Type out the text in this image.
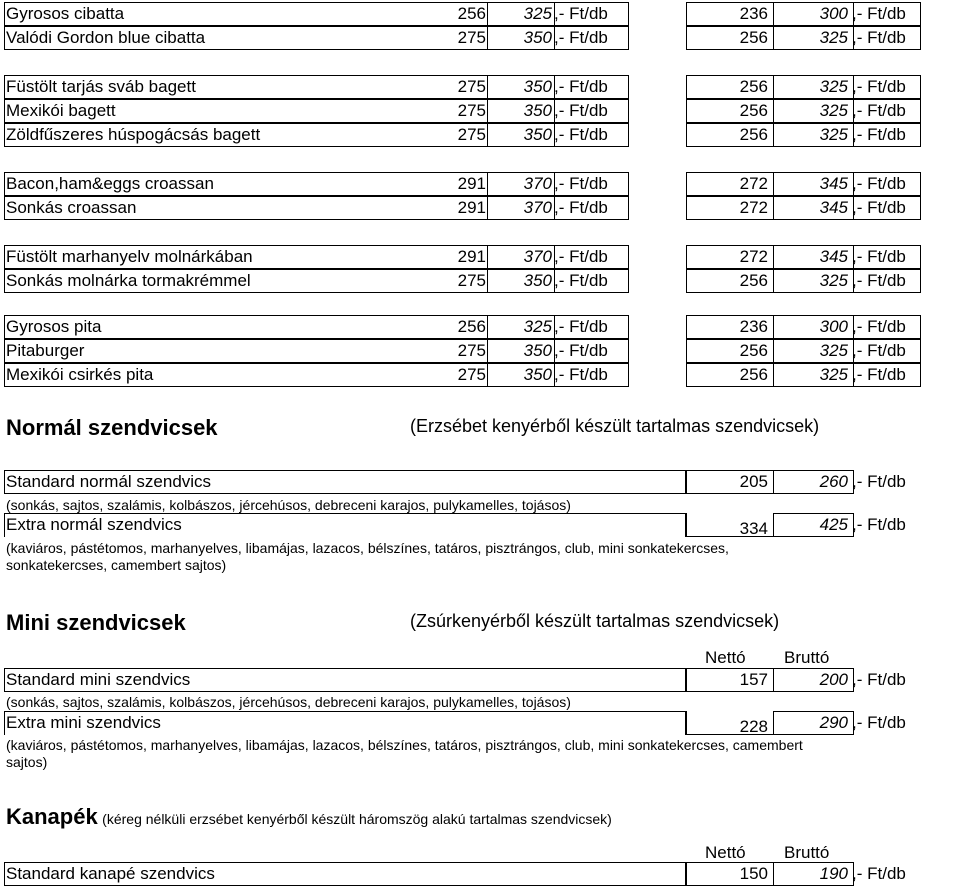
Gyrosos cibatta	256	325 ,- Ft/db	236	300 ,- Ft/db
Valódi Gordon blue cibatta	275	350 ,- Ft/db	256	325 ,- Ft/db
Füstölt tarjás sváb bagett	275	350 ,- Ft/db	256	325 ,- Ft/db
Mexikói bagett	275	350 ,- Ft/db	256	325 ,- Ft/db
Zöldfűszeres húspogácsás bagett	275	350 ,- Ft/db	256	325 ,- Ft/db
Bacon,ham&eggs croassan	291	370 ,- Ft/db	272	345 ,- Ft/db
Sonkás croassan	291	370 ,- Ft/db	272	345 ,- Ft/db
Füstölt marhanyelv molnárkában	291	370 ,- Ft/db	272	345 ,- Ft/db
Sonkás molnárka tormakrémmel	275	350 ,- Ft/db	256	325 ,- Ft/db
Gyrosos pita	256	325 ,- Ft/db	236	300 ,- Ft/db
Pitaburger	275	350 ,- Ft/db	256	325 ,- Ft/db
Mexikói csirkés pita	275	350 ,- Ft/db	256	325 ,- Ft/db
Normál szendvicsek	(Erzsébet kenyérből készült tartalmas szendvicsek)
Standard normál szendvics	205	260 ,- Ft/db
(sonkás, sajtos, szalámis, kolbászos, jércehúsos, debreceni karajos, pulykamelles, tojásos)
Extra normál szendvics	334	425 ,- Ft/db
(kaviáros, pástétomos, marhanyelves, libamájas, lazacos, bélszínes, tatáros, pisztrángos, club, mini sonkatekercses, sonkatekercses, camembert sajtos)
Mini szendvicsek	(Zsúrkenyérből készült tartalmas szendvicsek)
Nettó Bruttó
Standard mini szendvics	157	200 ,- Ft/db
(sonkás, sajtos, szalámis, kolbászos, jércehúsos, debreceni karajos, pulykamelles, tojásos)
Extra mini szendvics	228	290 ,- Ft/db
(kaviáros, pástétomos, marhanyelves, libamájas, lazacos, bélszínes, tatáros, pisztrángos, club, mini sonkatekercses, camembert sajtos)
Kanapék (kéreg nélküli erzsébet kenyérből készült háromszög alakú tartalmas szendvicsek)
Nettó Bruttó
Standard kanapé szendvics	150	190 ,- Ft/db
